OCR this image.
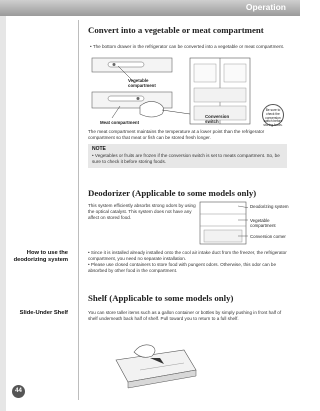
Operation
Convert into a vegetable or meat compartment

• The bottom drawer in the refrigerator can be converted into a vegetable or meat compartment.

Vegetable compartment

Meat compartment

Conversion switch

Be sure to check the conversion switch before storing foods.

The meat compartment maintains the temperature at a lower point than the refrigerator compartment so that meat or fish can be stored fresh longer.

NOTE

• Vegetables or fruits are frozen if the conversion switch is set to meats compartment. So, be sure to check it before storing foods.

Deodorizer (Applicable to some models only)

This system efficiently absorbs strong odors by using the optical catalyst. This system does not have any affect on stored food.

Deodorizing system

Vegetable compartment

Conversion corner

How to use the deodorizing system

• Since it is installed already installed onto the cool air intake duct from the freezer, the refrigerator compartment, you need no separate installation.

• Please use closed containers to store food with pungent odors. Otherwise, this odor can be absorbed by other food in the compartment.

Shelf (Applicable to some models only)

Slide-Under Shelf	You can store taller items such as a gallon container or bottles by simply pushing in front half of shelf underneath back half of shelf. Pull toward you to return to a full shelf.

44
